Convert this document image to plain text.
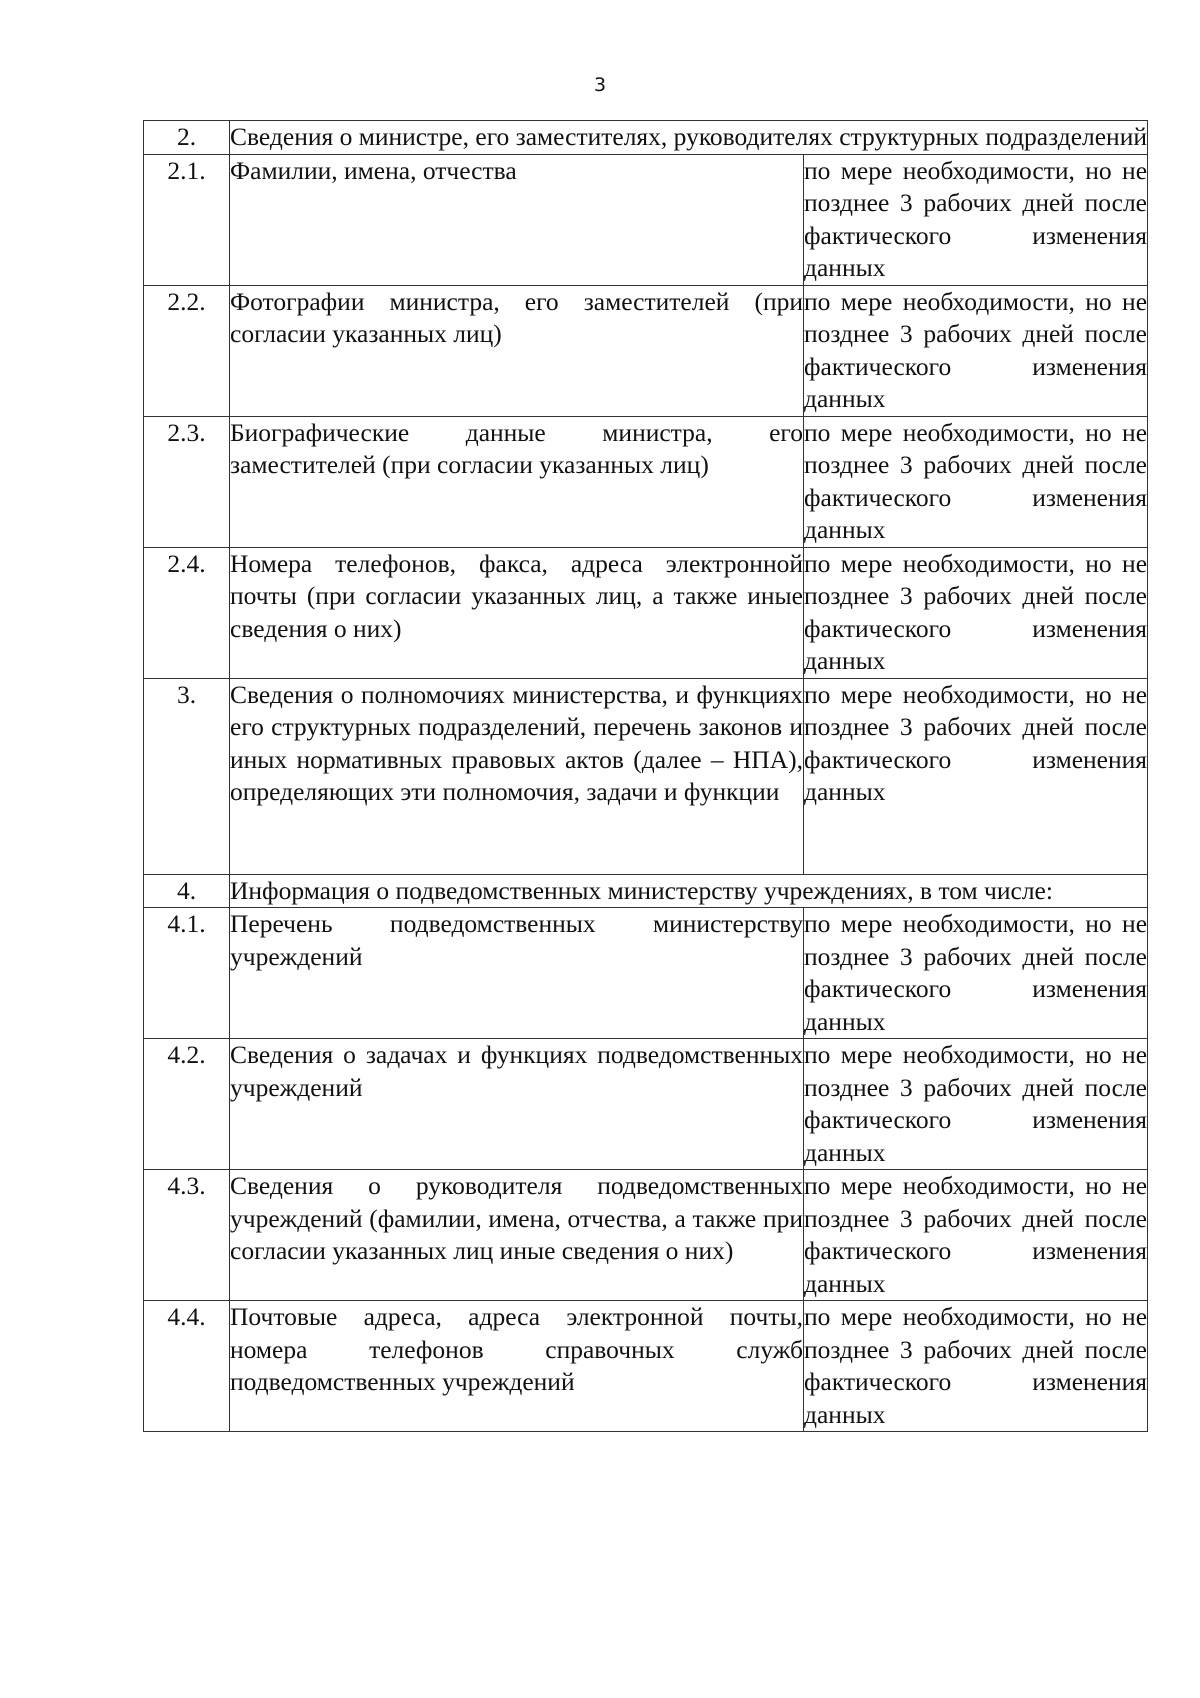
3
2.	Сведения о министре, его заместителях, руководителях структурных подразделений	
2.1.	Фамилии, имена, отчества	по мере необходимости, но не позднее 3 рабочих дней после фактического изменения данных
2.2.	Фотографии министра, его заместителей (при согласии указанных лиц)	по мере необходимости, но не позднее 3 рабочих дней после фактического изменения данных
2.3.	Биографические данные министра, его заместителей (при согласии указанных лиц)	по мере необходимости, но не позднее 3 рабочих дней после фактического изменения данных
2.4.	Номера телефонов, факса, адреса электронной почты (при согласии указанных лиц, а также иные сведения о них)	по мере необходимости, но не позднее 3 рабочих дней после фактического изменения данных
3.	Сведения о полномочиях министерства, и функциях его структурных подразделений, перечень законов и иных нормативных правовых актов (далее – НПА), определяющих эти полномочия, задачи и функции	по мере необходимости, но не позднее 3 рабочих дней после фактического изменения данных
4.	Информация о подведомственных министерству учреждениях, в том числе:	
4.1.	Перечень подведомственных министерству учреждений	по мере необходимости, но не позднее 3 рабочих дней после фактического изменения данных
4.2.	Сведения о задачах и функциях подведомственных учреждений	по мере необходимости, но не позднее 3 рабочих дней после фактического изменения данных
4.3.	Сведения о руководителя подведомственных учреждений (фамилии, имена, отчества, а также при согласии указанных лиц иные сведения о них)	по мере необходимости, но не позднее 3 рабочих дней после фактического изменения данных
4.4.	Почтовые адреса, адреса электронной почты, номера телефонов справочных служб подведомственных учреждений	по мере необходимости, но не позднее 3 рабочих дней после фактического изменения данных
